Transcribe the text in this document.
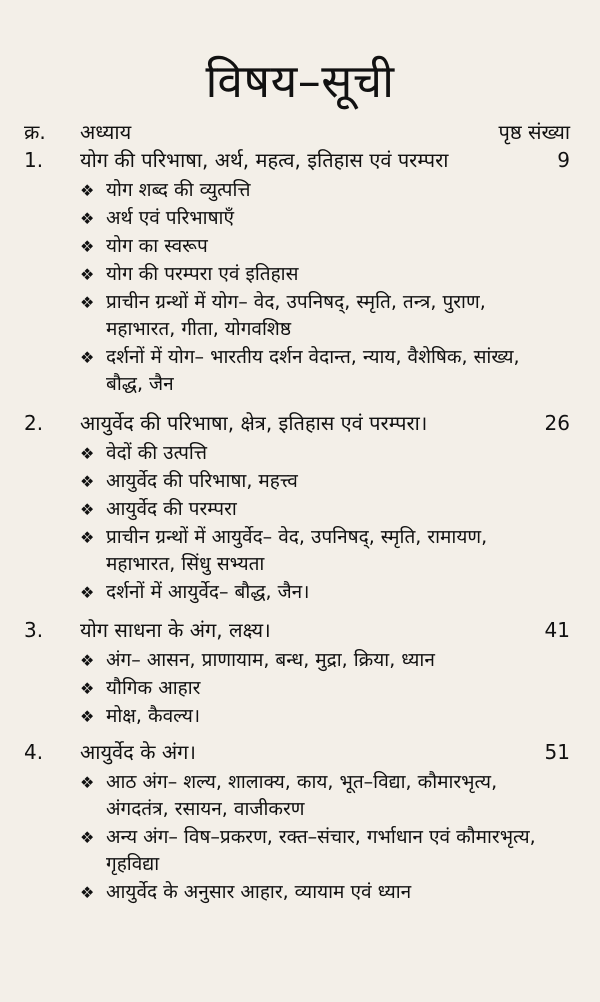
विषय–सूची
क्र.	अध्याय	पृष्ठ संख्या
1.	योग की परिभाषा, अर्थ, महत्व, इतिहास एवं परम्परा	9
❖ योग शब्द की व्युत्पत्ति
❖ अर्थ एवं परिभाषाएँ
❖ योग का स्वरूप
❖ योग की परम्परा एवं इतिहास
❖ प्राचीन ग्रन्थों में योग– वेद, उपनिषद्, स्मृति, तन्त्र, पुराण, महाभारत, गीता, योगवशिष्ठ
❖ दर्शनों में योग– भारतीय दर्शन वेदान्त, न्याय, वैशेषिक, सांख्य, बौद्ध, जैन
2.	आयुर्वेद की परिभाषा, क्षेत्र, इतिहास एवं परम्परा।	26
❖ वेदों की उत्पत्ति
❖ आयुर्वेद की परिभाषा, महत्त्व
❖ आयुर्वेद की परम्परा
❖ प्राचीन ग्रन्थों में आयुर्वेद– वेद, उपनिषद्, स्मृति, रामायण, महाभारत, सिंधु सभ्यता
❖ दर्शनों में आयुर्वेद– बौद्ध, जैन।
3.	योग साधना के अंग, लक्ष्य।	41
❖ अंग– आसन, प्राणायाम, बन्ध, मुद्रा, क्रिया, ध्यान
❖ यौगिक आहार
❖ मोक्ष, कैवल्य।
4.	आयुर्वेद के अंग।	51
❖ आठ अंग– शल्य, शालाक्य, काय, भूत–विद्या, कौमारभृत्य, अंगदतंत्र, रसायन, वाजीकरण
❖ अन्य अंग– विष–प्रकरण, रक्त–संचार, गर्भाधान एवं कौमारभृत्य, गृहविद्या
❖ आयुर्वेद के अनुसार आहार, व्यायाम एवं ध्यान
